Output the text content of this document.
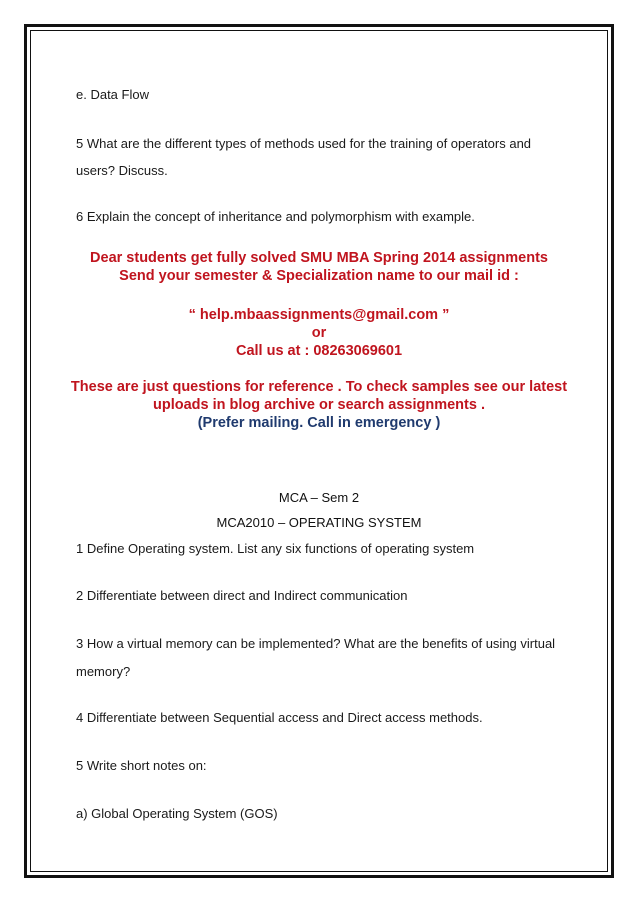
e. Data Flow
5 What are the different types of methods used for the training of operators and
users? Discuss.
6 Explain the concept of inheritance and polymorphism with example.
Dear students get fully solved SMU MBA Spring 2014 assignments
Send your semester & Specialization name to our mail id :
“ help.mbaassignments@gmail.com ”
or
Call us at : 08263069601
These are just questions for reference . To check samples see our latest
uploads in blog archive or search assignments .
(Prefer mailing. Call in emergency )
MCA – Sem 2
MCA2010 – OPERATING SYSTEM
1 Define Operating system. List any six functions of operating system
2 Differentiate between direct and Indirect communication
3 How a virtual memory can be implemented? What are the benefits of using virtual
memory?
4 Differentiate between Sequential access and Direct access methods.
5 Write short notes on:
a) Global Operating System (GOS)
